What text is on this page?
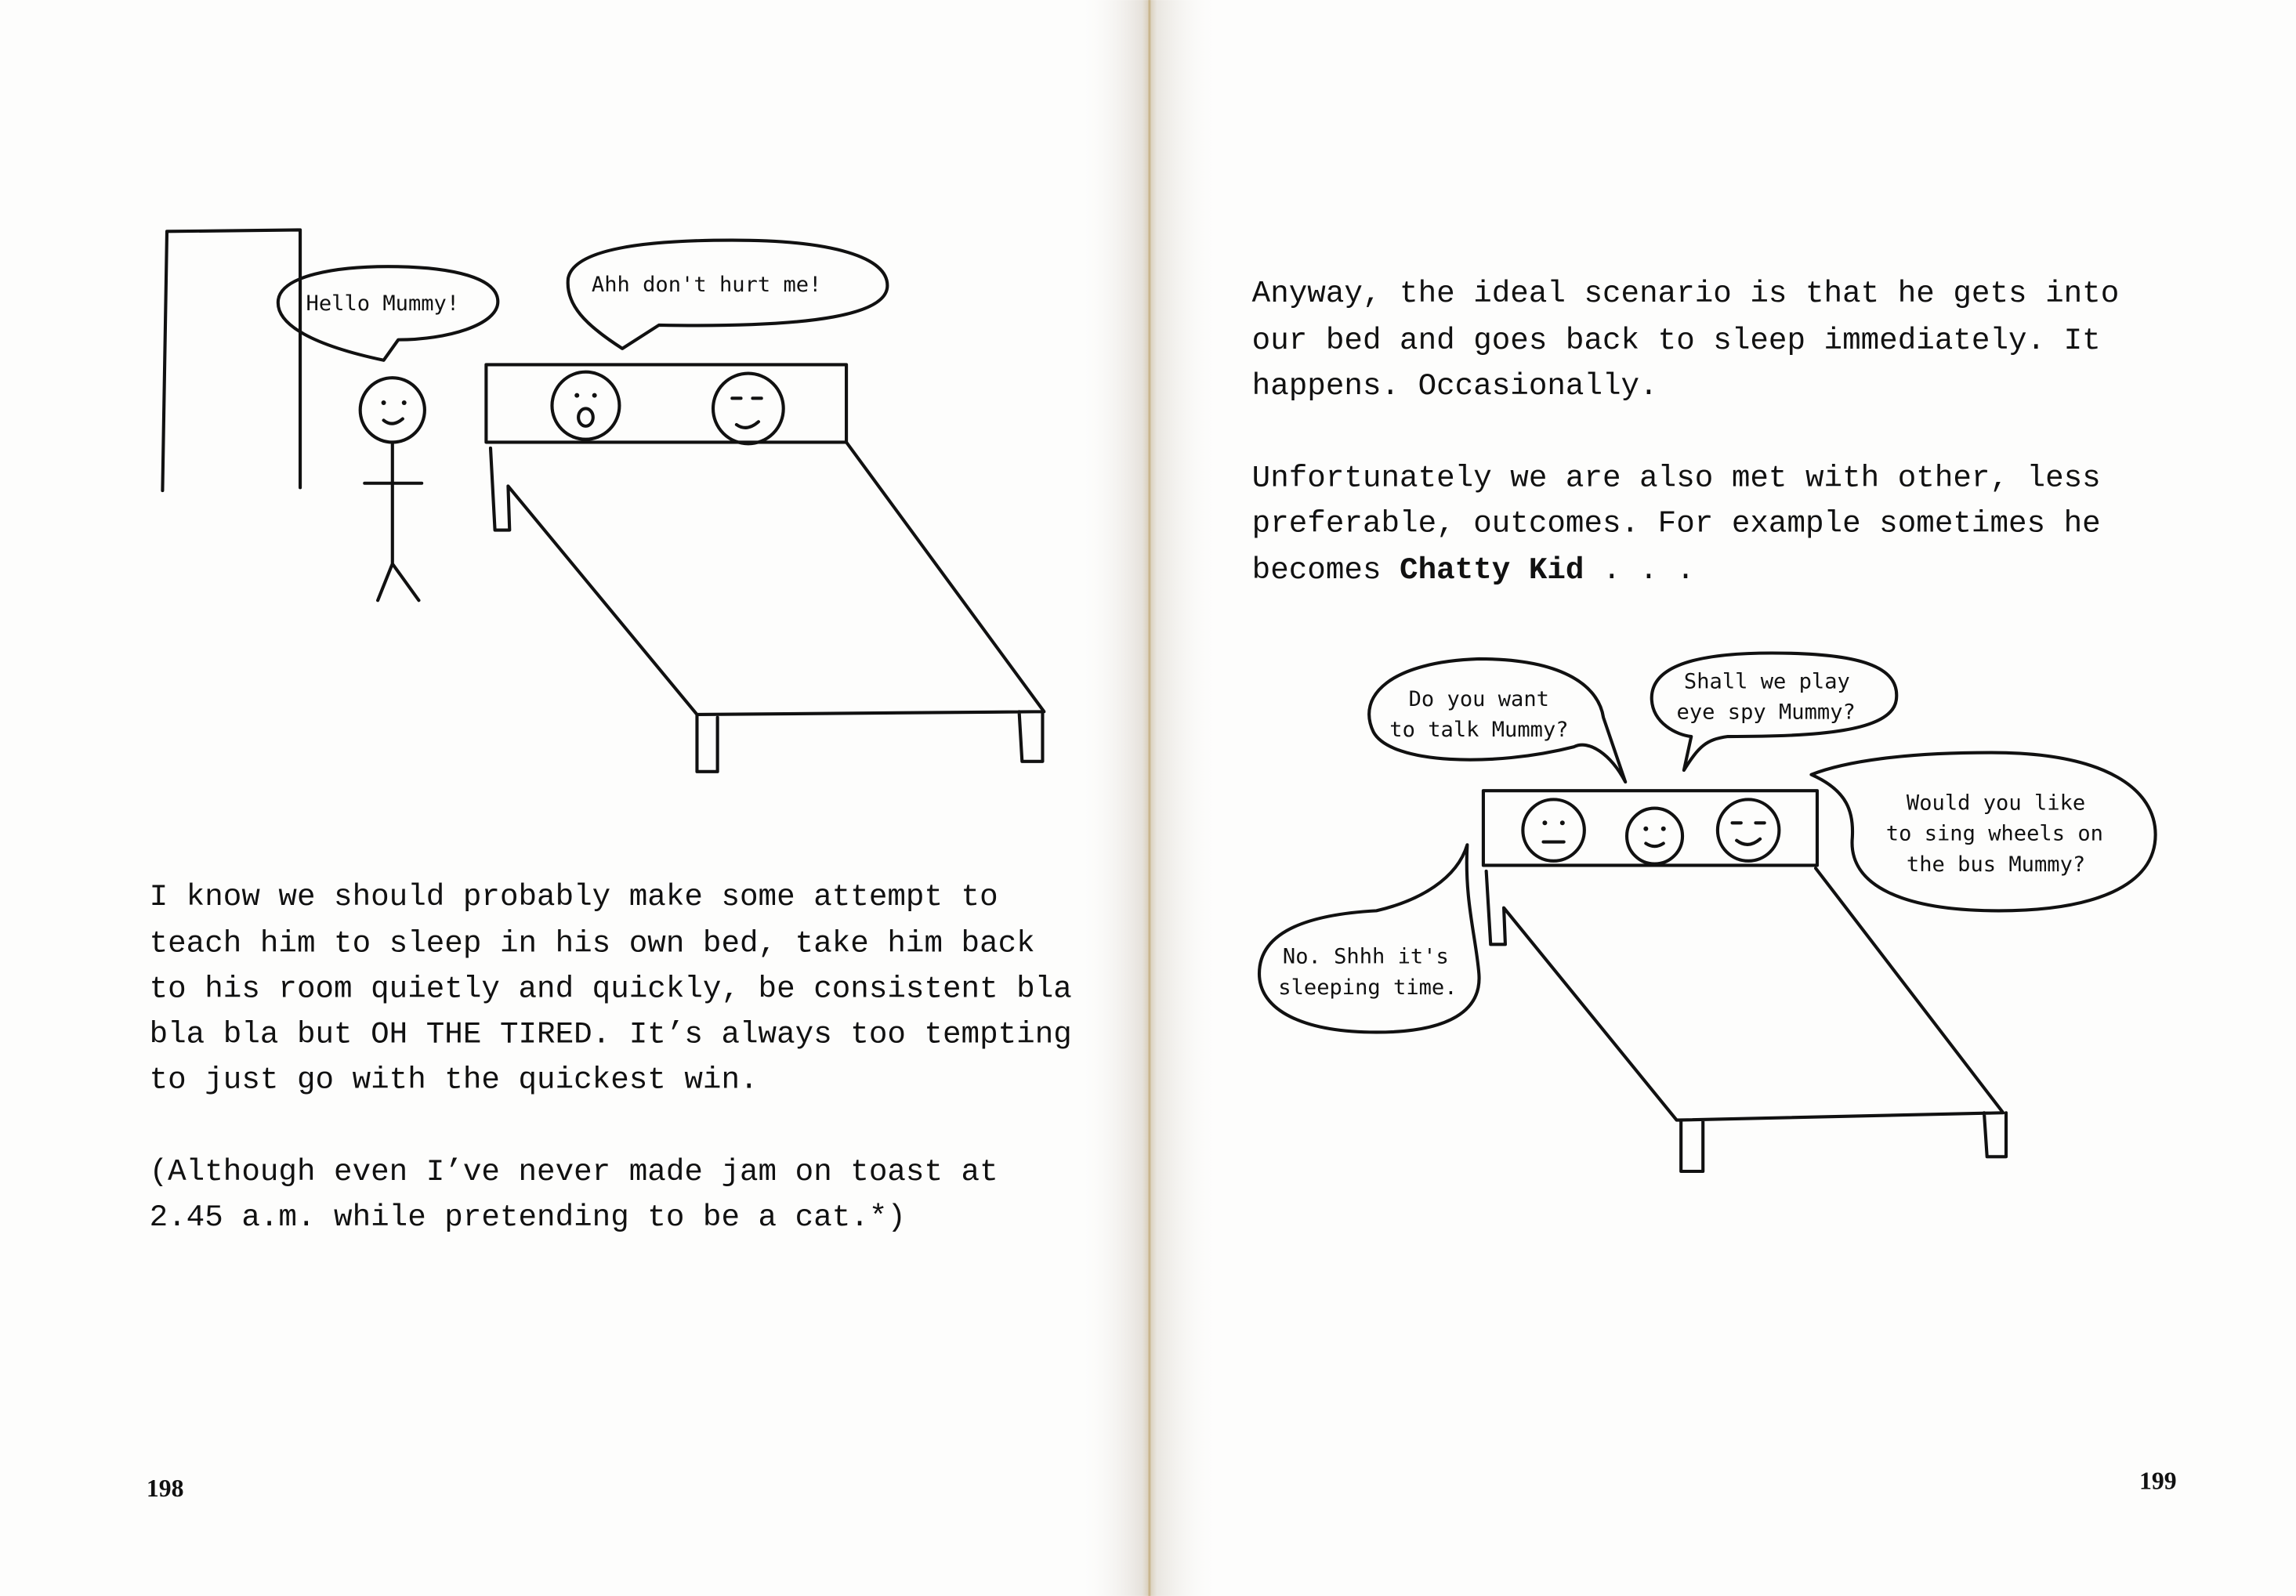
Hello Mummy!
Ahh don't hurt me!
I know we should probably make some attempt to
teach him to sleep in his own bed, take him back
to his room quietly and quickly, be consistent bla
bla bla but OH THE TIRED. It’s always too tempting
to just go with the quickest win.
(Although even I’ve never made jam on toast at
2.45 a.m. while pretending to be a cat.*)
198
Anyway, the ideal scenario is that he gets into
our bed and goes back to sleep immediately. It
happens. Occasionally.
Unfortunately we are also met with other, less
preferable, outcomes. For example sometimes he
becomes Chatty Kid . . .
Do you want
to talk Mummy?
Shall we play
eye spy Mummy?
Would you like
to sing wheels on
the bus Mummy?
No. Shhh it's
sleeping time.
199
